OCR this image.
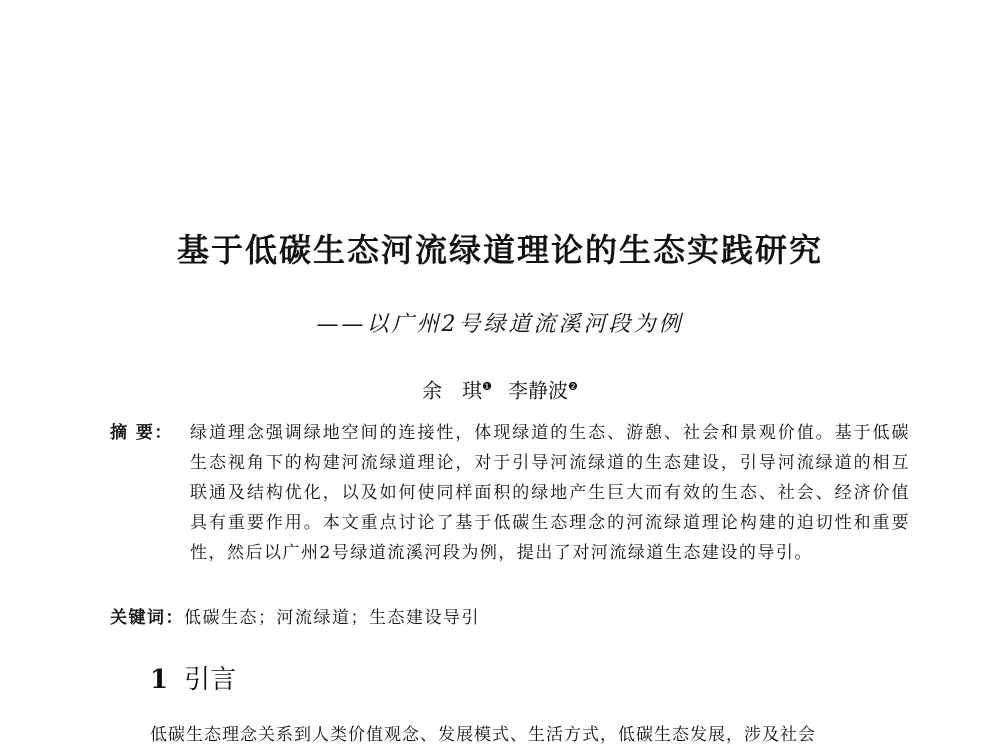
基于低碳生态河流绿道理论的生态实践研究
——以广州2号绿道流溪河段为例
余 琪$^❶$ 李静波$^❷$
摘 要：	绿道理念强调绿地空间的连接性，体现绿道的生态、游憩、社会和景观价值。基于低碳生态视角下的构建河流绿道理论，对于引导河流绿道的生态建设，引导河流绿道的相互联通及结构优化，以及如何使同样面积的绿地产生巨大而有效的生态、社会、经济价值具有重要作用。本文重点讨论了基于低碳生态理念的河流绿道理论构建的迫切性和重要性，然后以广州2号绿道流溪河段为例，提出了对河流绿道生态建设的导引。
关键词：低碳生态；河流绿道；生态建设导引
1 引言
低碳生态理念关系到人类价值观念、发展模式、生活方式，低碳生态发展，涉及社会
